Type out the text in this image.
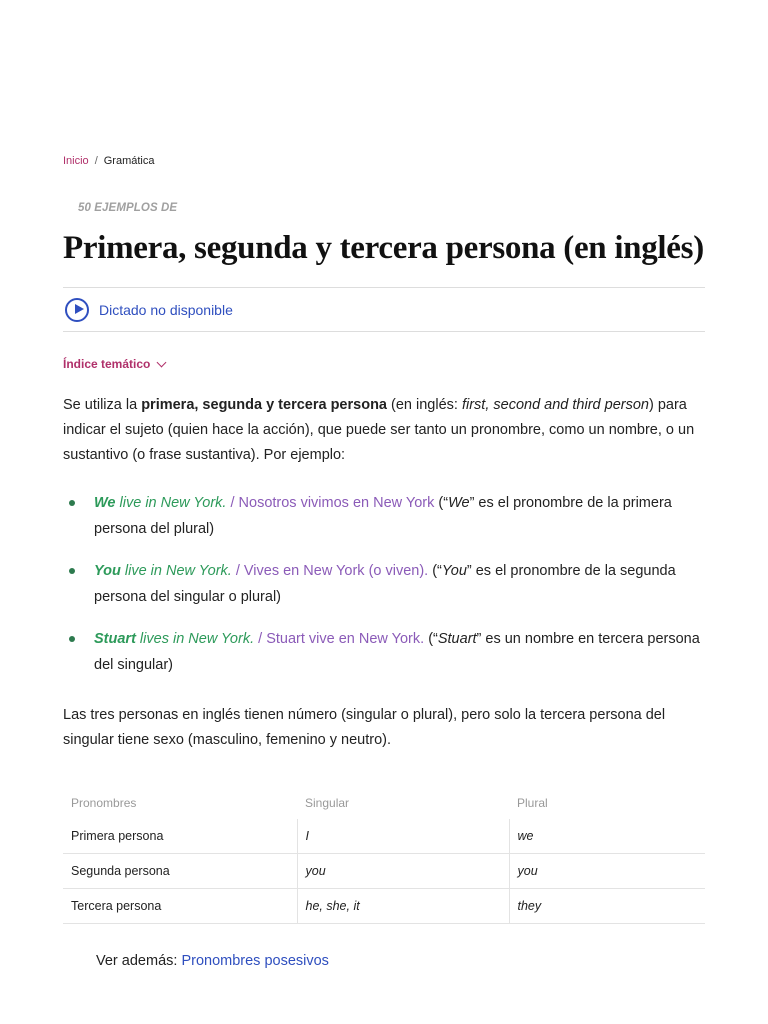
Inicio / Gramática
50 EJEMPLOS DE
Primera, segunda y tercera persona (en inglés)
Dictado no disponible
Índice temático

Se utiliza la primera, segunda y tercera persona (en inglés: first, second and third person) para indicar el sujeto (quien hace la acción), que puede ser tanto un pronombre, como un nombre, o un sustantivo (o frase sustantiva). Por ejemplo:

We live in New York. / Nosotros vivimos en New York (“We” es el pronombre de la primera persona del plural)
You live in New York. / Vives en New York (o viven). (“You” es el pronombre de la segunda persona del singular o plural)
Stuart lives in New York. / Stuart vive en New York. (“Stuart” es un nombre en tercera persona del singular)

Las tres personas en inglés tienen número (singular o plural), pero solo la tercera persona del singular tiene sexo (masculino, femenino y neutro).

Pronombres	Singular	Plural
Primera persona	I	we
Segunda persona	you	you
Tercera persona	he, she, it	they
Ver además: Pronombres posesivos
